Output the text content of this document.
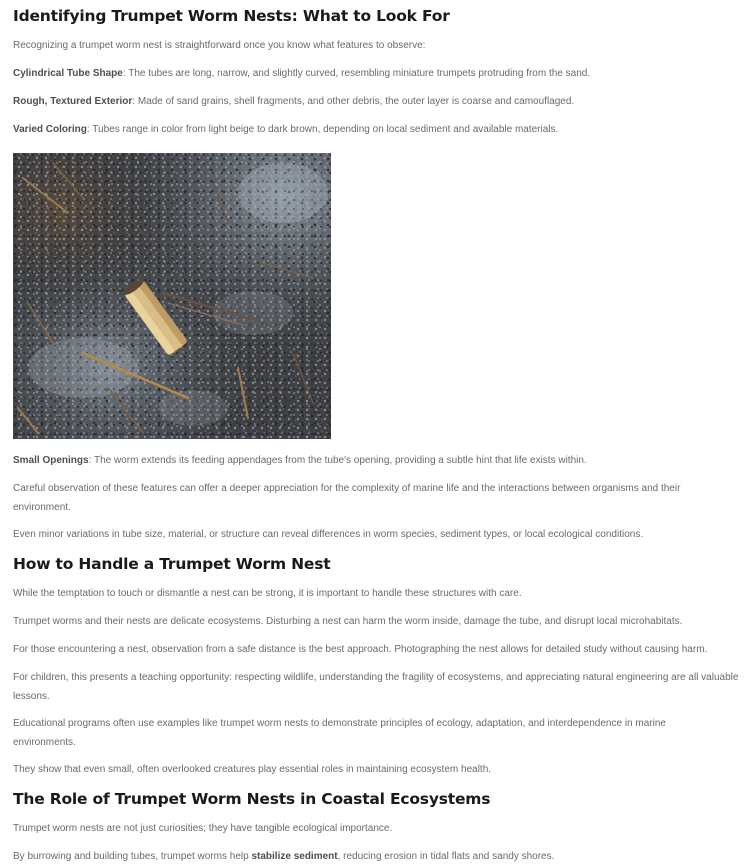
Identifying Trumpet Worm Nests: What to Look For

Recognizing a trumpet worm nest is straightforward once you know what features to observe:

Cylindrical Tube Shape: The tubes are long, narrow, and slightly curved, resembling miniature trumpets protruding from the sand.

Rough, Textured Exterior: Made of sand grains, shell fragments, and other debris, the outer layer is coarse and camouflaged.

Varied Coloring: Tubes range in color from light beige to dark brown, depending on local sediment and available materials.

Small Openings: The worm extends its feeding appendages from the tube's opening, providing a subtle hint that life exists within.

Careful observation of these features can offer a deeper appreciation for the complexity of marine life and the interactions between organisms and their environment.

Even minor variations in tube size, material, or structure can reveal differences in worm species, sediment types, or local ecological conditions.

How to Handle a Trumpet Worm Nest

While the temptation to touch or dismantle a nest can be strong, it is important to handle these structures with care.

Trumpet worms and their nests are delicate ecosystems. Disturbing a nest can harm the worm inside, damage the tube, and disrupt local microhabitats.

For those encountering a nest, observation from a safe distance is the best approach. Photographing the nest allows for detailed study without causing harm.

For children, this presents a teaching opportunity: respecting wildlife, understanding the fragility of ecosystems, and appreciating natural engineering are all valuable lessons.

Educational programs often use examples like trumpet worm nests to demonstrate principles of ecology, adaptation, and interdependence in marine environments.

They show that even small, often overlooked creatures play essential roles in maintaining ecosystem health.

The Role of Trumpet Worm Nests in Coastal Ecosystems

Trumpet worm nests are not just curiosities; they have tangible ecological importance.

By burrowing and building tubes, trumpet worms help stabilize sediment, reducing erosion in tidal flats and sandy shores.
